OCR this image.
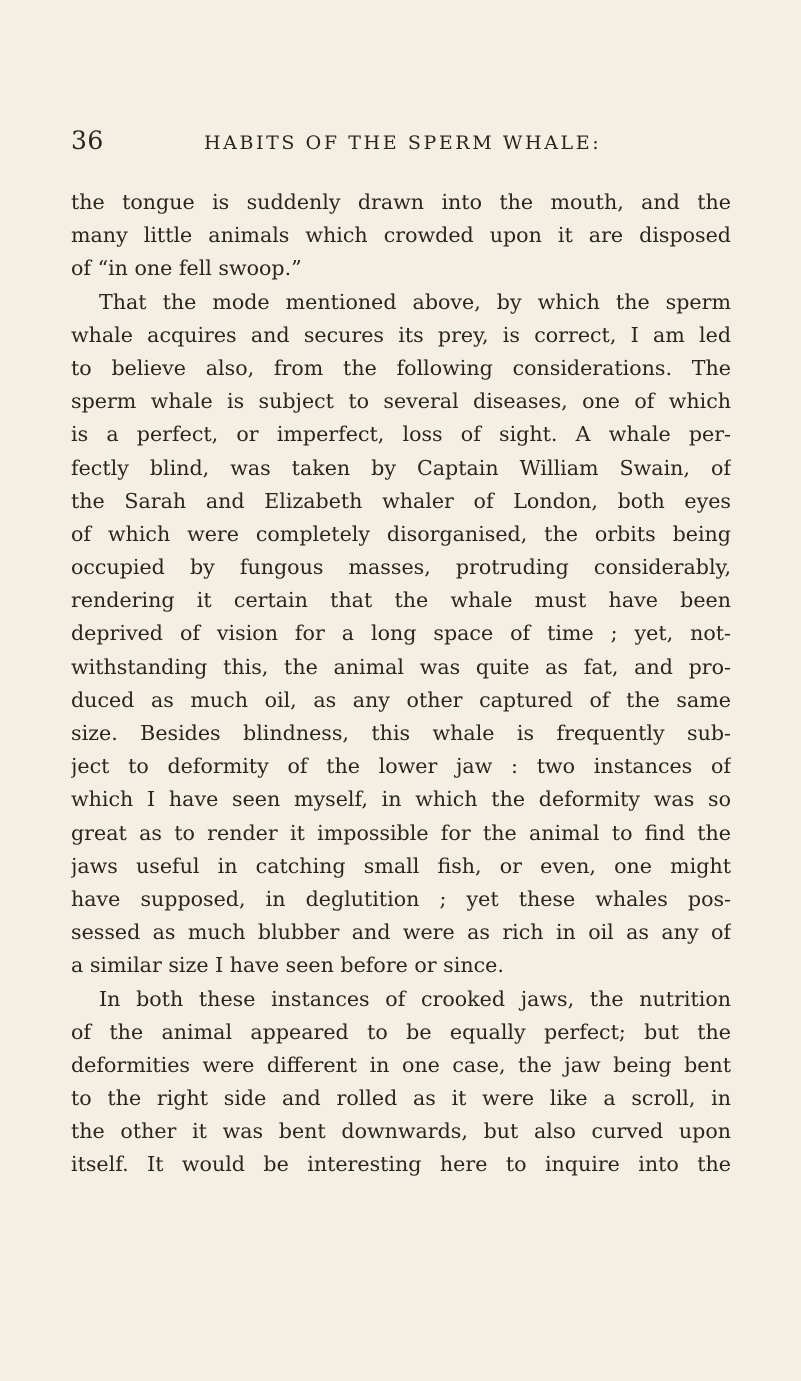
36	HABITS OF THE SPERM WHALE:
the tongue is suddenly drawn into the mouth, and the
many little animals which crowded upon it are disposed
of “in one fell swoop.”
That the mode mentioned above, by which the sperm
whale acquires and secures its prey, is correct, I am led
to believe also, from the following considerations. The
sperm whale is subject to several diseases, one of which
is a perfect, or imperfect, loss of sight. A whale per-
fectly blind, was taken by Captain William Swain, of
the Sarah and Elizabeth whaler of London, both eyes
of which were completely disorganised, the orbits being
occupied by fungous masses, protruding considerably,
rendering it certain that the whale must have been
deprived of vision for a long space of time ; yet, not-
withstanding this, the animal was quite as fat, and pro-
duced as much oil, as any other captured of the same
size. Besides blindness, this whale is frequently sub-
ject to deformity of the lower jaw : two instances of
which I have seen myself, in which the deformity was so
great as to render it impossible for the animal to find the
jaws useful in catching small fish, or even, one might
have supposed, in deglutition ; yet these whales pos-
sessed as much blubber and were as rich in oil as any of
a similar size I have seen before or since.
In both these instances of crooked jaws, the nutrition
of the animal appeared to be equally perfect; but the
deformities were different in one case, the jaw being bent
to the right side and rolled as it were like a scroll, in
the other it was bent downwards, but also curved upon
itself. It would be interesting here to inquire into the
